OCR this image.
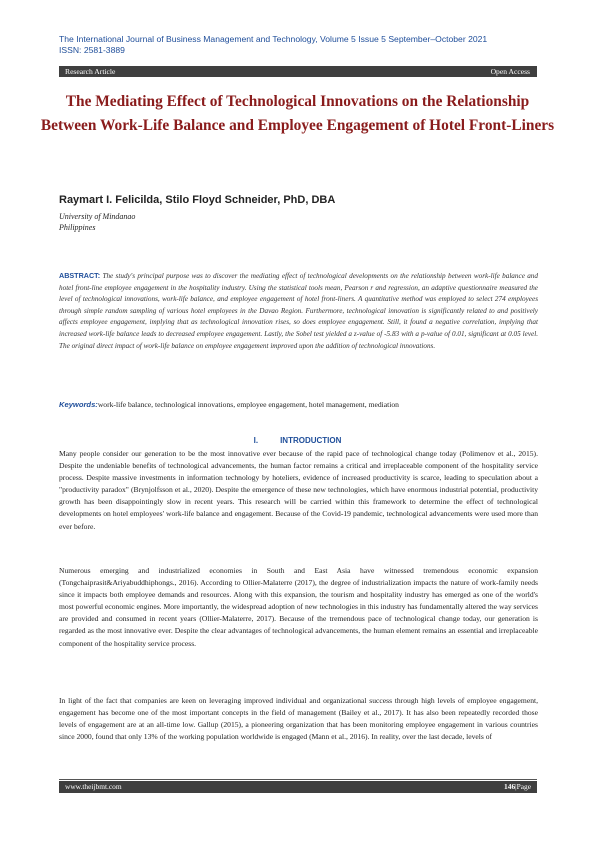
The International Journal of Business Management and Technology, Volume 5 Issue 5 September–October 2021
ISSN: 2581-3889
Research Article	Open Access
The Mediating Effect of Technological Innovations on the Relationship Between Work-Life Balance and Employee Engagement of Hotel Front-Liners
Raymart I. Felicilda, Stilo Floyd Schneider, PhD, DBA
University of Mindanao
Philippines
ABSTRACT: The study's principal purpose was to discover the mediating effect of technological developments on the relationship between work-life balance and hotel front-line employee engagement in the hospitality industry. Using the statistical tools mean, Pearson r and regression, an adaptive questionnaire measured the level of technological innovations, work-life balance, and employee engagement of hotel front-liners. A quantitative method was employed to select 274 employees through simple random sampling of various hotel employees in the Davao Region. Furthermore, technological innovation is significantly related to and positively affects employee engagement, implying that as technological innovation rises, so does employee engagement. Still, it found a negative correlation, implying that increased work-life balance leads to decreased employee engagement. Lastly, the Sobel test yielded a z-value of -5.83 with a p-value of 0.01, significant at 0.05 level. The original direct impact of work-life balance on employee engagement improved upon the addition of technological innovations.
Keywords:work-life balance, technological innovations, employee engagement, hotel management, mediation
I.	INTRODUCTION
Many people consider our generation to be the most innovative ever because of the rapid pace of technological change today (Polimenov et al., 2015). Despite the undeniable benefits of technological advancements, the human factor remains a critical and irreplaceable component of the hospitality service process. Despite massive investments in information technology by hoteliers, evidence of increased productivity is scarce, leading to speculation about a "productivity paradox" (Brynjolfsson et al., 2020). Despite the emergence of these new technologies, which have enormous industrial potential, productivity growth has been disappointingly slow in recent years. This research will be carried within this framework to determine the effect of technological developments on hotel employees' work-life balance and engagement. Because of the Covid-19 pandemic, technological advancements were used more than ever before.
Numerous emerging and industrialized economies in South and East Asia have witnessed tremendous economic expansion (Tongchaiprasit&Ariyabuddhiphongs., 2016). According to Ollier-Malaterre (2017), the degree of industrialization impacts the nature of work-family needs since it impacts both employee demands and resources. Along with this expansion, the tourism and hospitality industry has emerged as one of the world's most powerful economic engines. More importantly, the widespread adoption of new technologies in this industry has fundamentally altered the way services are provided and consumed in recent years (Ollier-Malaterre, 2017). Because of the tremendous pace of technological change today, our generation is regarded as the most innovative ever. Despite the clear advantages of technological advancements, the human element remains an essential and irreplaceable component of the hospitality service process.
In light of the fact that companies are keen on leveraging improved individual and organizational success through high levels of employee engagement, engagement has become one of the most important concepts in the field of management (Bailey et al., 2017). It has also been repeatedly recorded those levels of engagement are at an all-time low. Gallup (2015), a pioneering organization that has been monitoring employee engagement in various countries since 2000, found that only 13% of the working population worldwide is engaged (Mann et al., 2016). In reality, over the last decade, levels of
www.theijbmt.com	146|Page
